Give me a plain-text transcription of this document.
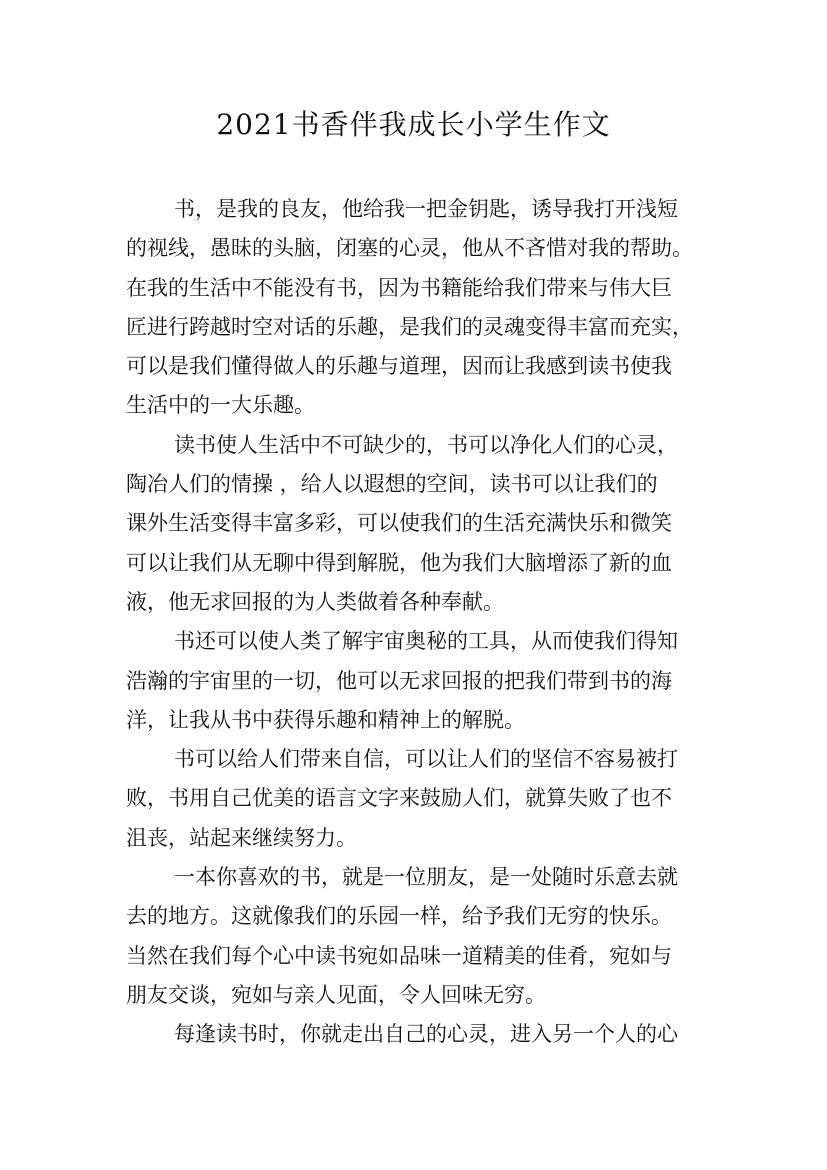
2021书香伴我成长小学生作文
书，是我的良友，他给我一把金钥匙，诱导我打开浅短
的视线，愚昧的头脑，闭塞的心灵，他从不吝惜对我的帮助。
在我的生活中不能没有书，因为书籍能给我们带来与伟大巨
匠进行跨越时空对话的乐趣，是我们的灵魂变得丰富而充实，
可以是我们懂得做人的乐趣与道理，因而让我感到读书使我
生活中的一大乐趣。
读书使人生活中不可缺少的，书可以净化人们的心灵，
陶冶人们的情操 ，给人以遐想的空间，读书可以让我们的
课外生活变得丰富多彩，可以使我们的生活充满快乐和微笑
可以让我们从无聊中得到解脱，他为我们大脑增添了新的血
液，他无求回报的为人类做着各种奉献。
书还可以使人类了解宇宙奥秘的工具，从而使我们得知
浩瀚的宇宙里的一切，他可以无求回报的把我们带到书的海
洋，让我从书中获得乐趣和精神上的解脱。
书可以给人们带来自信，可以让人们的坚信不容易被打
败，书用自己优美的语言文字来鼓励人们，就算失败了也不
沮丧，站起来继续努力。
一本你喜欢的书，就是一位朋友，是一处随时乐意去就
去的地方。这就像我们的乐园一样，给予我们无穷的快乐。
当然在我们每个心中读书宛如品味一道精美的佳肴，宛如与
朋友交谈，宛如与亲人见面，令人回味无穷。
每逢读书时，你就走出自己的心灵，进入另一个人的心
